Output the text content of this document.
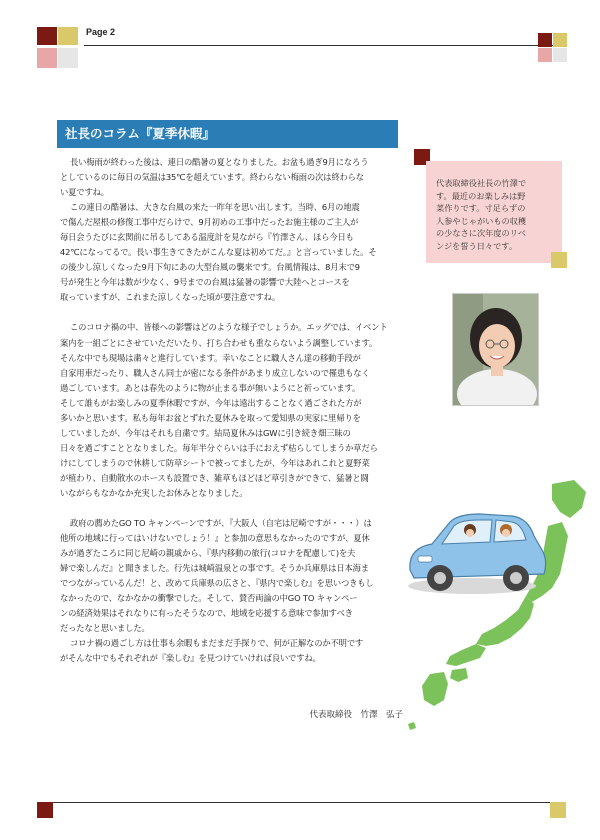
Page 2
社長のコラム『夏季休暇』

長い梅雨が終わった後は、連日の酷暑の夏となりました。お盆も過ぎ9月になろう

としているのに毎日の気温は35℃を超えています。終わらない梅雨の次は終わらな

い夏ですね。

この連日の酷暑は、大きな台風の来た一昨年を思い出します。当時、6月の地震

で傷んだ屋根の修復工事中だらけで、9月初めの工事中だったお施主様のご主人が

毎日会うたびに玄関前に吊るしてある温度計を見ながら『竹澤さん、ほら今日も

42℃になってるで。長い事生きてきたがこんな夏は初めてだ。』と言っていました。そ

の後少し涼しくなった9月下旬にあの大型台風の襲来です。台風情報は、8月末で9

号が発生と今年は数が少なく、9号までの台風は猛暑の影響で大陸へとコースを

取っていますが、これまた涼しくなった頃が要注意ですね。

このコロナ禍の中、皆様への影響はどのような様子でしょうか。エッグでは、イベント

案内を一組ごとにさせていただいたり、打ち合わせも重ならないよう調整しています。

そんな中でも現場は粛々と進行しています。幸いなことに職人さん達の移動手段が

自家用車だったり、職人さん同士が密になる条件があまり成立しないので罹患もなく

過ごしています。あとは春先のように物が止まる事が無いようにと祈っています。

そして誰もがお楽しみの夏季休暇ですが、今年は遠出することなく過ごされた方が

多いかと思います。私も毎年お盆とずれた夏休みを取って愛知県の実家に里帰りを

していましたが、今年はそれも自粛です。結局夏休みはGWに引き続き畑三昧の

日々を過ごすこととなりました。毎年半分ぐらいは手におえず枯らしてしまうか草だら

けにしてしまうので休耕して防草シートで被ってましたが、今年はあれこれと夏野菜

が植わり、自動散水のホースも設置でき、雑草もほどほど草引きができて、猛暑と闘

いながらもなかなか充実したお休みとなりました。

政府の薦めたGO TO キャンペーンですが、『大阪人（自宅は尼崎ですが・・・）は

他所の地域に行ってはいけないでしょう！』と参加の意思もなかったのですが、夏休

みが過ぎたころに同じ尼崎の親戚から、『県内移動の旅行(コロナを配慮して)を夫

婦で楽しんだ』と聞きました。行先は城崎温泉との事です。そうか兵庫県は日本海ま

でつながっているんだ！と、改めて兵庫県の広さと、『県内で楽しむ』を思いつきもし

なかったので、なかなかの衝撃でした。そして、賛否両論の中GO TO キャンペー

ンの経済効果はそれなりに有ったそうなので、地域を応援する意味で参加すべき

だったなと思いました。

コロナ禍の過ごし方は仕事も余暇もまだまだ手探りで、何が正解なのか不明です

がそんな中でもそれぞれが『楽しむ』を見つけていければ良いですね。

代表取締役　竹澤　弘子
代表取締役社長の竹澤で
す。最近のお楽しみは野
菜作りです。寸足らずの
人参やじゃがいもの収穫
の少なさに次年度のリベ
ンジを誓う日々です。
